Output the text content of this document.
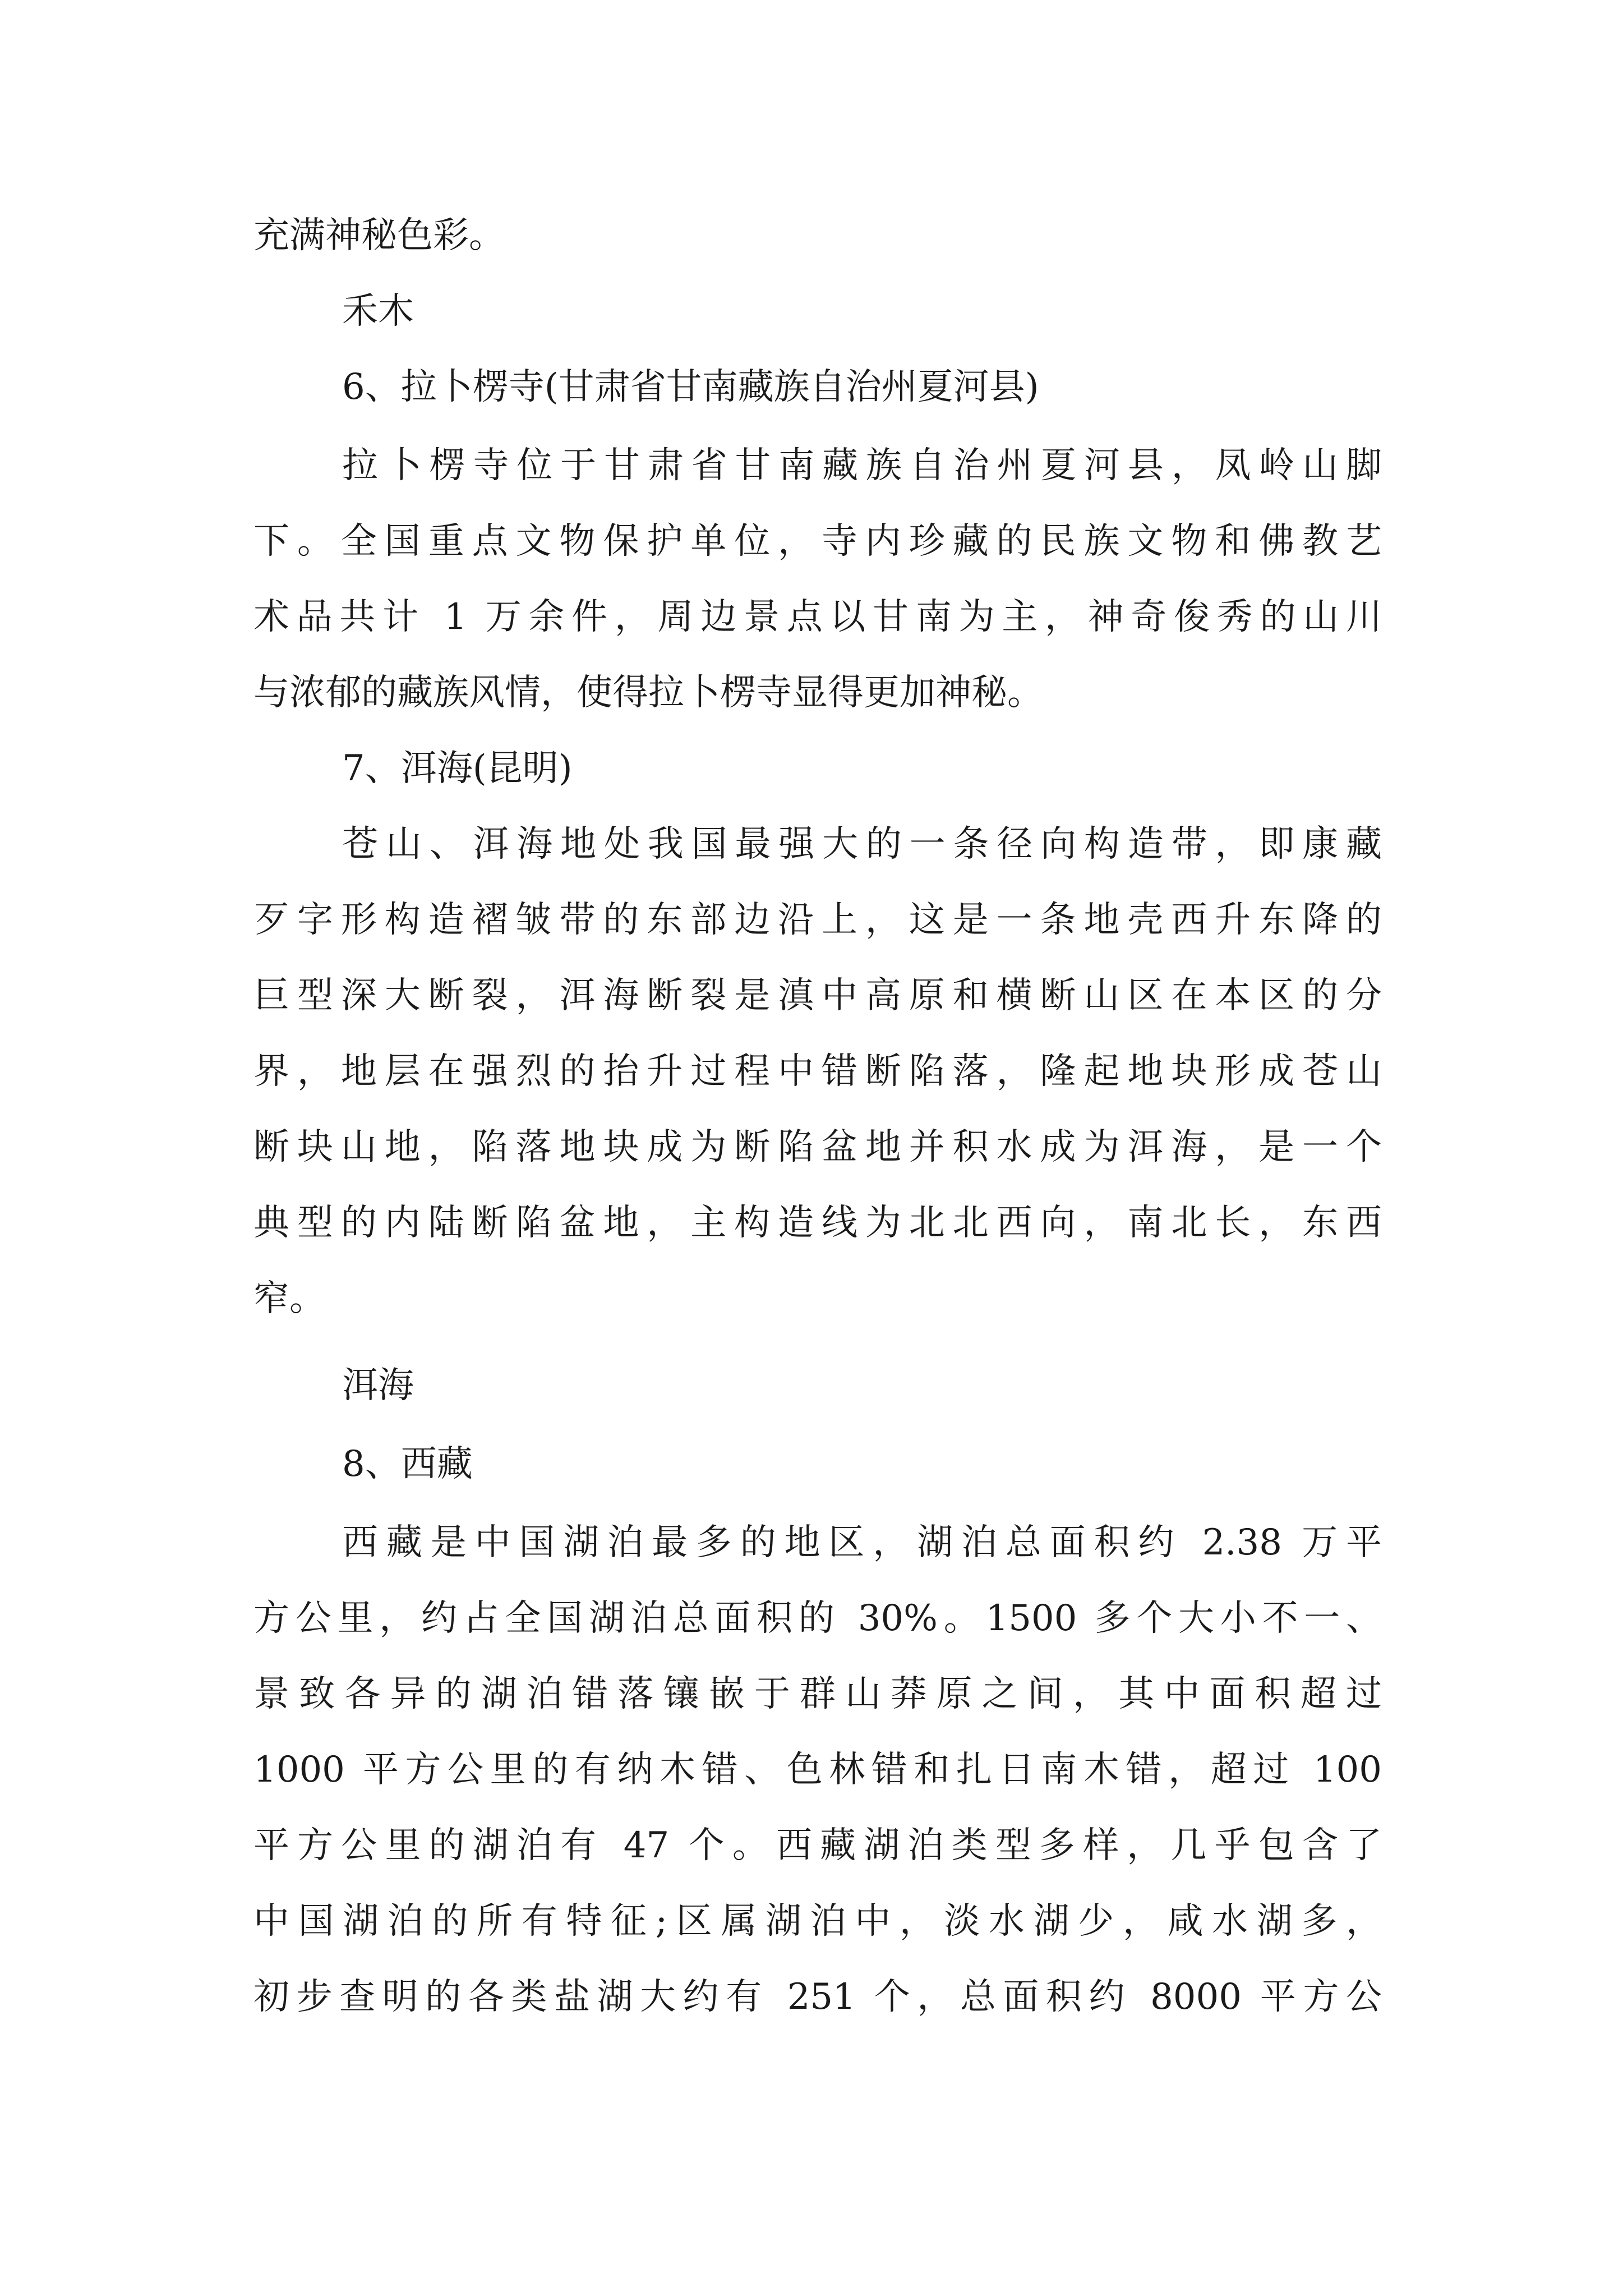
充满神秘色彩。

禾木

6、拉卜楞寺(甘肃省甘南藏族自治州夏河县)

拉卜楞寺位于甘肃省甘南藏族自治州夏河县，凤岭山脚

下。全国重点文物保护单位，寺内珍藏的民族文物和佛教艺

术品共计 1 万余件，周边景点以甘南为主，神奇俊秀的山川

与浓郁的藏族风情，使得拉卜楞寺显得更加神秘。

7、洱海(昆明)

苍山、洱海地处我国最强大的一条径向构造带，即康藏

歹字形构造褶皱带的东部边沿上，这是一条地壳西升东降的

巨型深大断裂，洱海断裂是滇中高原和横断山区在本区的分

界，地层在强烈的抬升过程中错断陷落，隆起地块形成苍山

断块山地，陷落地块成为断陷盆地并积水成为洱海，是一个

典型的内陆断陷盆地，主构造线为北北西向，南北长，东西

窄。

洱海

8、西藏

西藏是中国湖泊最多的地区，湖泊总面积约 2.38 万平

方公里，约占全国湖泊总面积的 30%。1500 多个大小不一、

景致各异的湖泊错落镶嵌于群山莽原之间，其中面积超过

1000 平方公里的有纳木错、色林错和扎日南木错，超过 100

平方公里的湖泊有 47 个。西藏湖泊类型多样，几乎包含了

中国湖泊的所有特征;区属湖泊中，淡水湖少，咸水湖多，

初步查明的各类盐湖大约有 251 个，总面积约 8000 平方公
